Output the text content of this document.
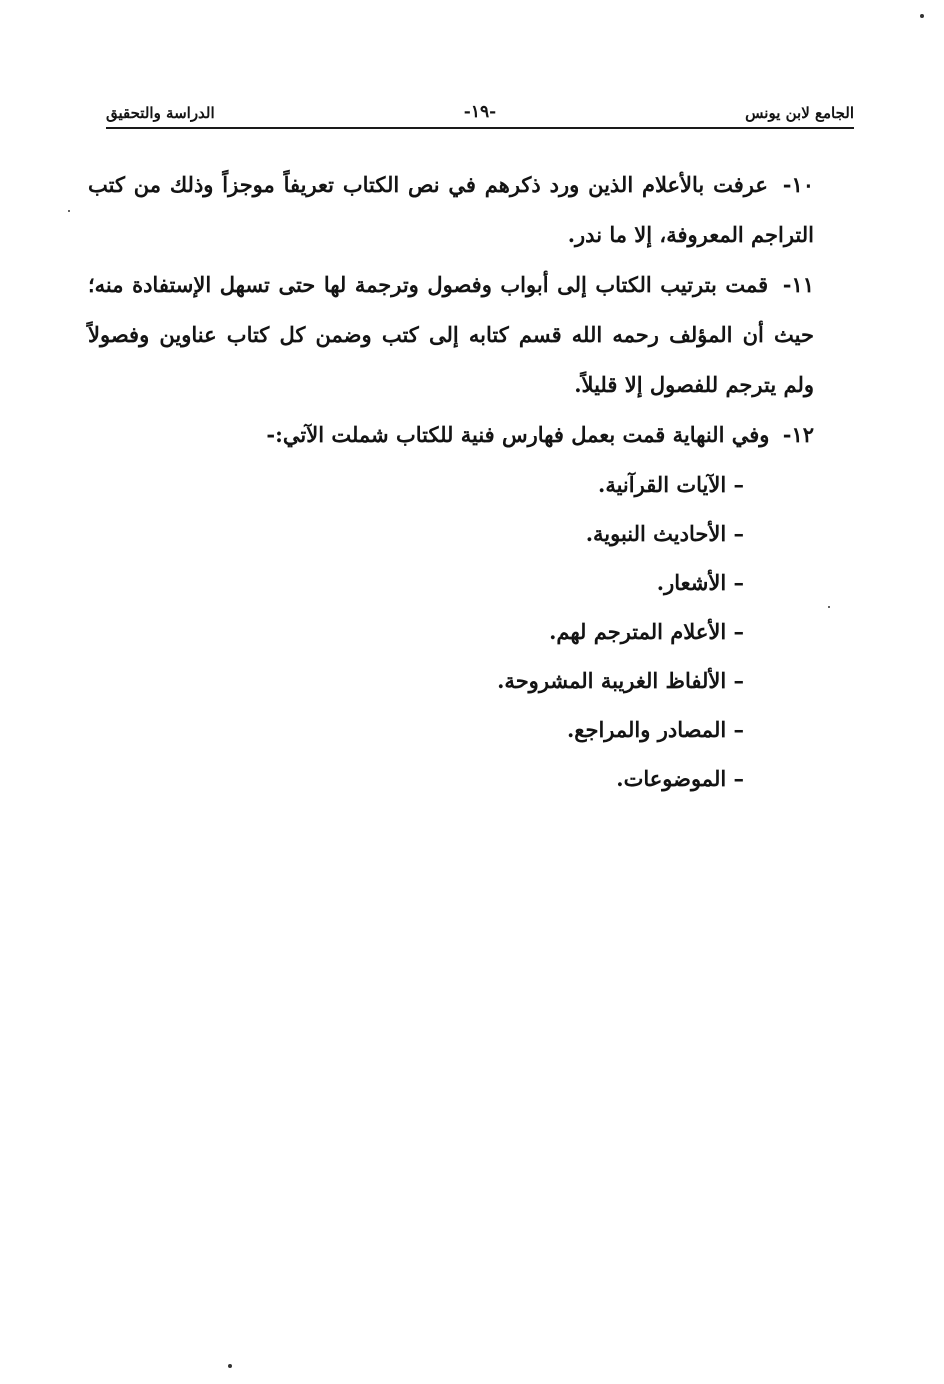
الجامع لابن يونس
-١٩-
الدراسة والتحقيق

١٠- عرفت بالأعلام الذين ورد ذكرهم في نص الكتاب تعريفاً موجزاً وذلك من كتب التراجم المعروفة، إلا ما ندر.

١١- قمت بترتيب الكتاب إلى أبواب وفصول وترجمة لها حتى تسهل الإستفادة منه؛ حيث أن المؤلف رحمه الله قسم كتابه إلى كتب وضمن كل كتاب عناوين وفصولاً ولم يترجم للفصول إلا قليلاً.

١٢- وفي النهاية قمت بعمل فهارس فنية للكتاب شملت الآتي:-

– الآيات القرآنية.
– الأحاديث النبوية.
– الأشعار.
– الأعلام المترجم لهم.
– الألفاظ الغريبة المشروحة.
– المصادر والمراجع.
– الموضوعات.
